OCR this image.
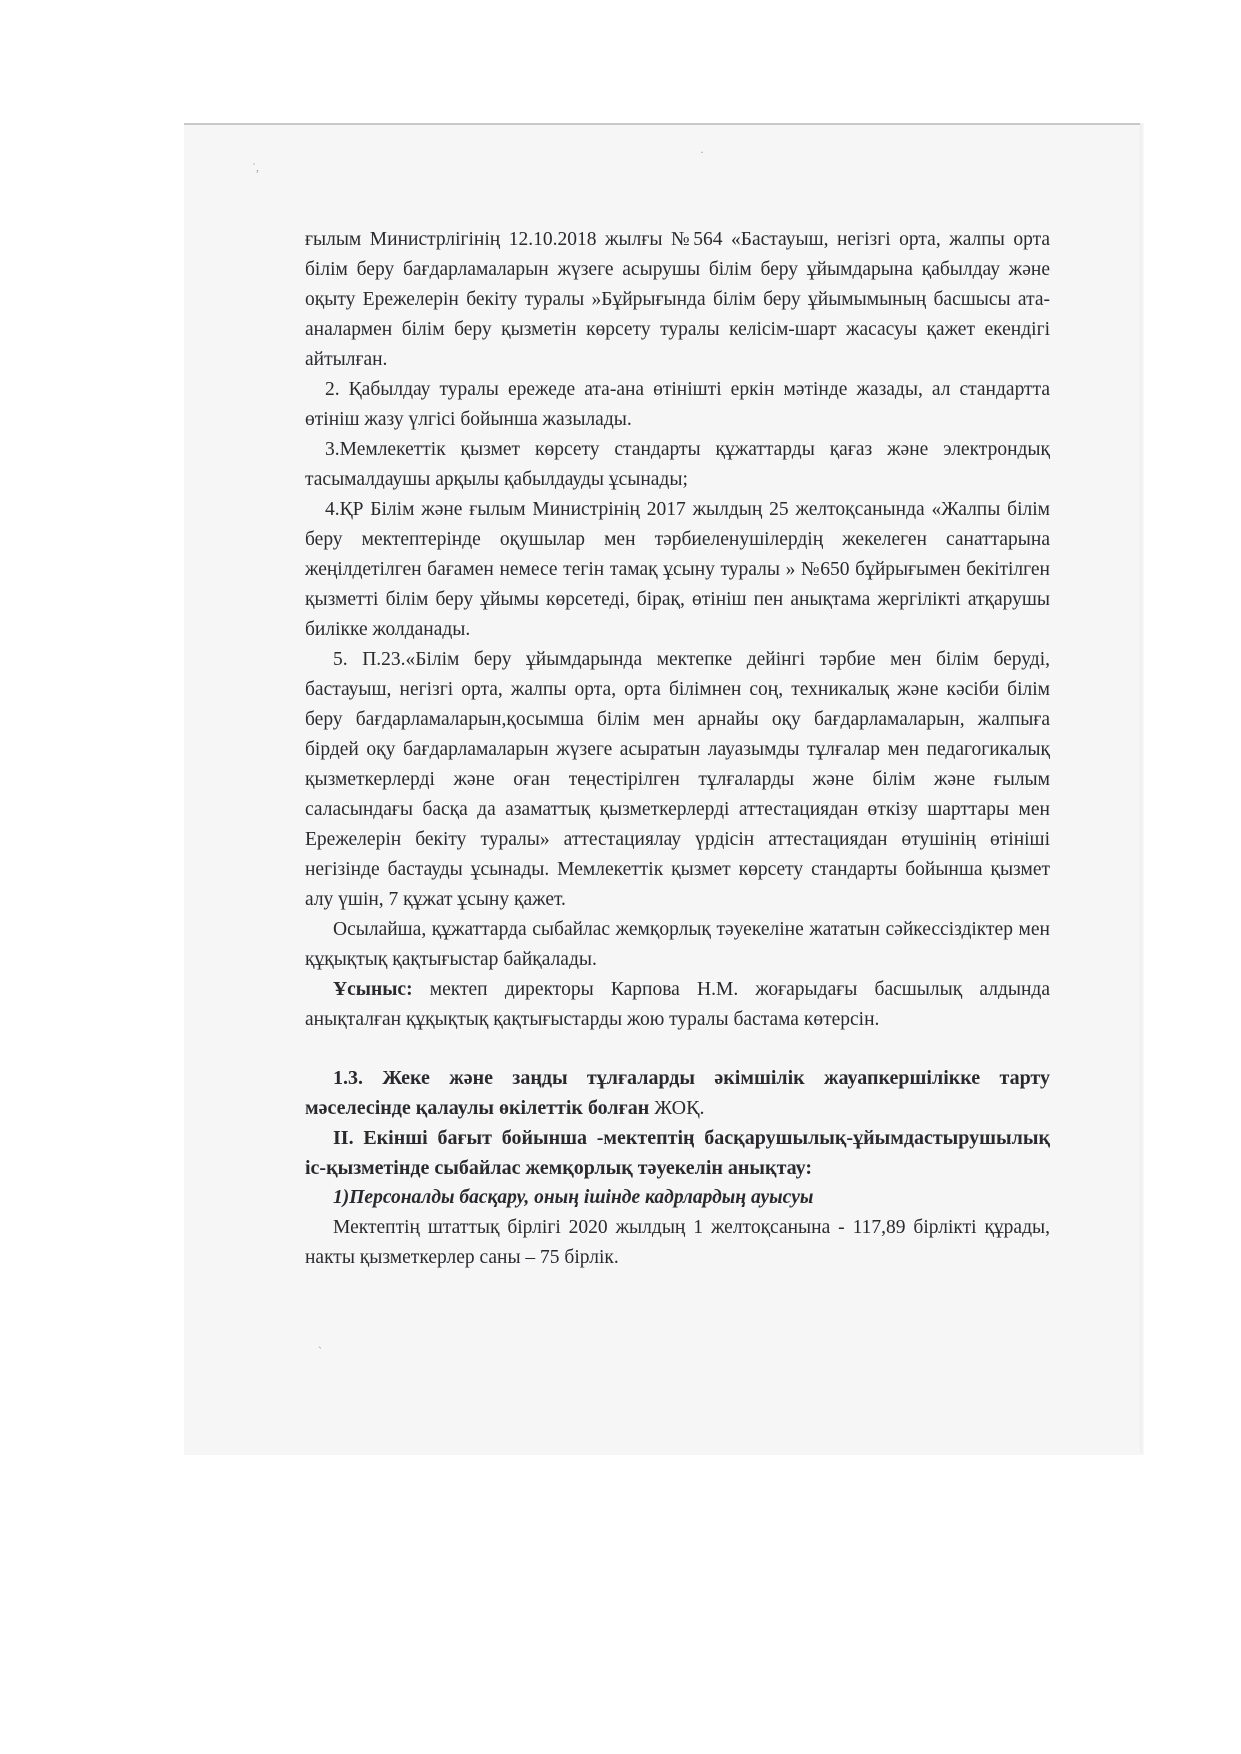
˙,
·
ˎ

ғылым Министрлігінің 12.10.2018 жылғы №564 «Бастауыш, негізгі орта, жалпы орта білім беру бағдарламаларын жүзеге асырушы білім беру ұйымдарына қабылдау және оқыту Ережелерін бекіту туралы »Бұйрығында білім беру ұйымымының басшысы ата-аналармен білім беру қызметін көрсету туралы келісім-шарт жасасуы қажет екендігі айтылған.

2. Қабылдау туралы ережеде ата-ана өтінішті еркін мәтінде жазады, ал стандартта өтініш жазу үлгісі бойынша жазылады.

3.Мемлекеттік қызмет көрсету стандарты құжаттарды қағаз және электрондық тасымалдаушы арқылы қабылдауды ұсынады;

4.ҚР Білім және ғылым Министрінің 2017 жылдың 25 желтоқсанында «Жалпы білім беру мектептерінде оқушылар мен тәрбиеленушілердің жекелеген санаттарына жеңілдетілген бағамен немесе тегін тамақ ұсыну туралы » №650 бұйрығымен бекітілген қызметті білім беру ұйымы көрсетеді, бірақ, өтініш пен анықтама жергілікті атқарушы билікке жолданады.

5. П.23.«Білім беру ұйымдарында мектепке дейінгі тәрбие мен білім беруді, бастауыш, негізгі орта, жалпы орта, орта білімнен соң, техникалық және кәсіби білім беру бағдарламаларын,қосымша білім мен арнайы оқу бағдарламаларын, жалпыға бірдей оқу бағдарламаларын жүзеге асыратын лауазымды тұлғалар мен педагогикалық қызметкерлерді және оған теңестірілген тұлғаларды және білім және ғылым саласындағы басқа да азаматтық қызметкерлерді аттестациядан өткізу шарттары мен Ережелерін бекіту туралы» аттестациялау үрдісін аттестациядан өтушінің өтініші негізінде бастауды ұсынады. Мемлекеттік қызмет көрсету стандарты бойынша қызмет алу үшін, 7 құжат ұсыну қажет.

Осылайша, құжаттарда сыбайлас жемқорлық тәуекеліне жататын сәйкессіздіктер мен құқықтық қақтығыстар байқалады.

Ұсыныс: мектеп директоры Карпова Н.М. жоғарыдағы басшылық алдында анықталған құқықтық қақтығыстарды жою туралы бастама көтерсін.

1.3. Жеке және заңды тұлғаларды әкімшілік жауапкершілікке тарту мәселесінде қалаулы өкілеттік болған ЖОҚ.

ІІ. Екінші бағыт бойынша -мектептің басқарушылық-ұйымдастырушылық іс-қызметінде сыбайлас жемқорлық тәуекелін анықтау:

1)Персоналды басқару, оның ішінде кадрлардың ауысуы

Мектептің штаттық бірлігі 2020 жылдың 1 желтоқсанына - 117,89 бірлікті құрады, накты қызметкерлер саны – 75 бірлік.
